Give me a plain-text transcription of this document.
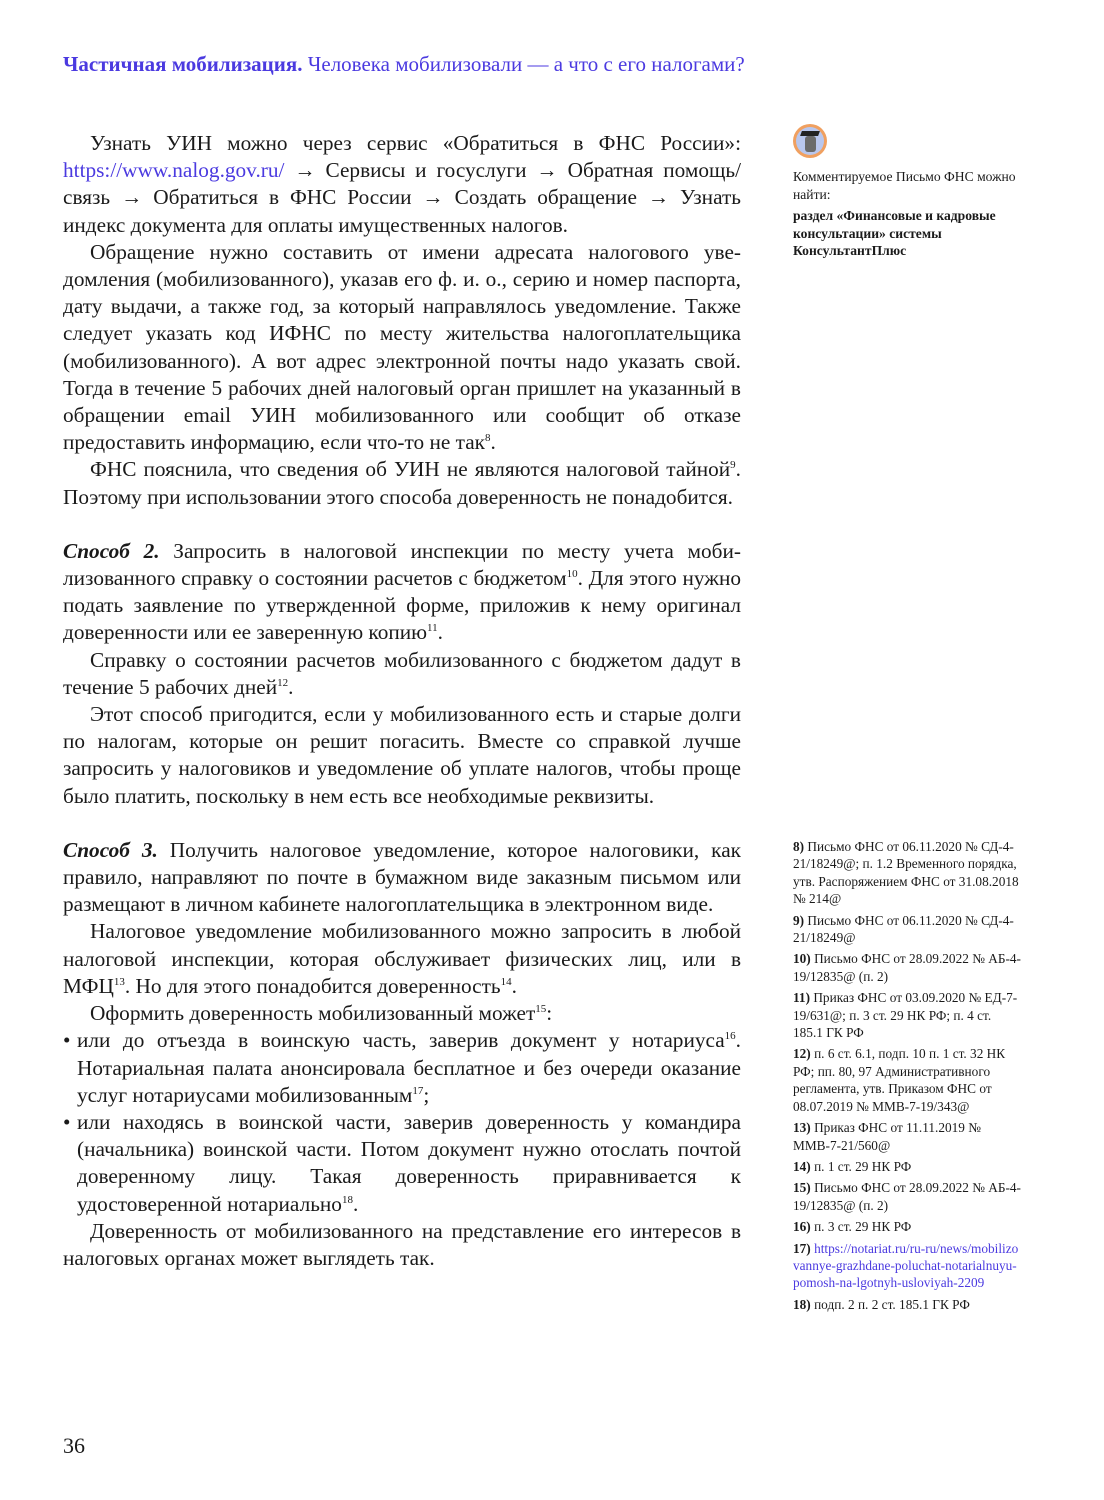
Частичная мобилизация. Человека мобилизовали — а что с его налогами?
Комментируемое Письмо ФНС можно найти:
раздел «Финансовые и кадровые консультации» системы КонсультантПлюс

Узнать УИН можно через сервис «Обратиться в ФНС России»: https://www.nalog.gov.ru/ → Сервисы и госуслуги → Обратная помощь/связь → Обратиться в ФНС России → Создать обращение → Узнать индекс документа для оплаты имущественных налогов.

Обращение нужно составить от имени адресата налогового уведомления (мобилизованного), указав его ф. и. о., серию и номер паспорта, дату выдачи, а также год, за который направлялось уведомление. Также следует указать код ИФНС по месту жительства налогоплательщика (мобилизованного). А вот адрес электронной почты надо указать свой. Тогда в течение 5 рабочих дней налоговый орган пришлет на указанный в обращении email УИН мобилизованного или сообщит об отказе предоставить информацию, если что-то не так$^8$.

ФНС пояснила, что сведения об УИН не являются налоговой тайной$^9$. Поэтому при использовании этого способа доверенность не понадобится.

Способ 2. Запросить в налоговой инспекции по месту учета мобилизованного справку о состоянии расчетов с бюджетом$^{10}$. Для этого нужно подать заявление по утвержденной форме, приложив к нему оригинал доверенности или ее заверенную копию$^{11}$.

Справку о состоянии расчетов мобилизованного с бюджетом дадут в течение 5 рабочих дней$^{12}$.

Этот способ пригодится, если у мобилизованного есть и старые долги по налогам, которые он решит погасить. Вместе со справкой лучше запросить у налоговиков и уведомление об уплате налогов, чтобы проще было платить, поскольку в нем есть все необходимые реквизиты.

Способ 3. Получить налоговое уведомление, которое налоговики, как правило, направляют по почте в бумажном виде заказным письмом или размещают в личном кабинете налогоплательщика в электронном виде.

Налоговое уведомление мобилизованного можно запросить в любой налоговой инспекции, которая обслуживает физических лиц, или в МФЦ$^{13}$. Но для этого понадобится доверенность$^{14}$.

Оформить доверенность мобилизованный может$^{15}$:

• или до отъезда в воинскую часть, заверив документ у нотариуса$^{16}$. Нотариальная палата анонсировала бесплатное и без очереди оказание услуг нотариусами мобилизованным$^{17}$;
• или находясь в воинской части, заверив доверенность у командира (начальника) воинской части. Потом документ нужно отослать почтой доверенному лицу. Такая доверенность приравнивается к удостоверенной нотариально$^{18}$.

Доверенность от мобилизованного на представление его интересов в налоговых органах может выглядеть так.

8) Письмо ФНС от 06.11.2020 № СД-4-21/18249@; п. 1.2 Временного порядка, утв. Распоряжением ФНС от 31.08.2018 № 214@
9) Письмо ФНС от 06.11.2020 № СД-4-21/18249@
10) Письмо ФНС от 28.09.2022 № АБ-4-19/12835@ (п. 2)
11) Приказ ФНС от 03.09.2020 № ЕД-7-19/631@; п. 3 ст. 29 НК РФ; п. 4 ст. 185.1 ГК РФ
12) п. 6 ст. 6.1, подп. 10 п. 1 ст. 32 НК РФ; пп. 80, 97 Административного регламента, утв. Приказом ФНС от 08.07.2019 № ММВ-7-19/343@
13) Приказ ФНС от 11.11.2019 № ММВ-7-21/560@
14) п. 1 ст. 29 НК РФ
15) Письмо ФНС от 28.09.2022 № АБ-4-19/12835@ (п. 2)
16) п. 3 ст. 29 НК РФ
17) https://notariat.ru/ru-ru/news/mobilizovannye-grazhdane-poluchat-notarialnuyu-pomosh-na-lgotnyh-usloviyah-2209
18) подп. 2 п. 2 ст. 185.1 ГК РФ
36
